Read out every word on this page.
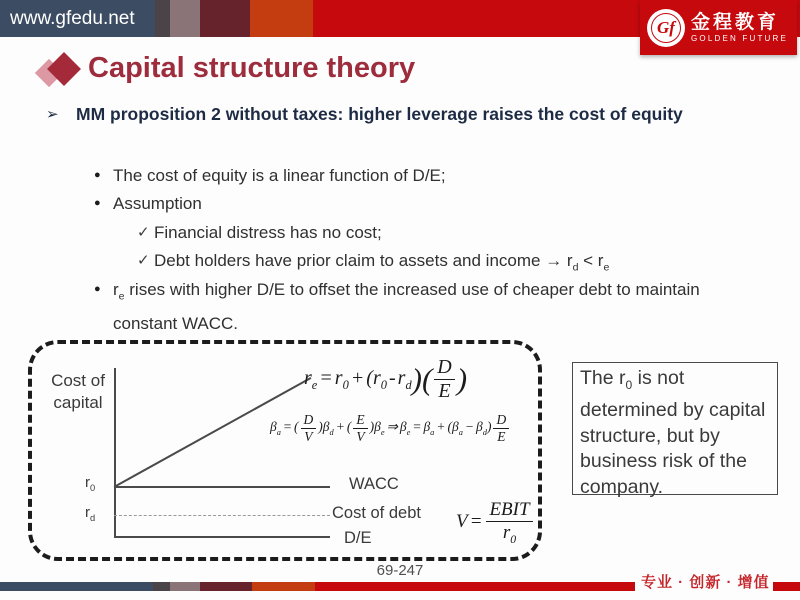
www.gfedu.net	Gf 金程教育
GOLDEN FUTURE
Capital structure theory
➢ MM proposition 2 without taxes: higher leverage raises the cost of equity
● The cost of equity is a linear function of D/E;
● Assumption
✓ Financial distress has no cost;
✓ Debt holders have prior claim to assets and income → $r_d < r_e$
● $r_e$ rises with higher D/E to offset the increased use of cheaper debt to maintain constant WACC.
Cost of
capital
$r_0$
$r_d$
WACC
Cost of debt
D/E
$r_e = r_0 + (r_0 - r_d)( \frac{D}{E}$ )
$\beta_a$ = ( $\frac{D}{V} )\beta_d$ + ( $\frac{E}{V} )\beta_e$ ⇒ $\beta_e = \beta_a + (\beta_a - \beta_d) \frac{D}{E}$
$V = \frac{\text{EBIT}}{r_0}$
The $r_0$ is not determined by capital structure, but by business risk of the company.
69-247
专业 · 创新 · 增值
